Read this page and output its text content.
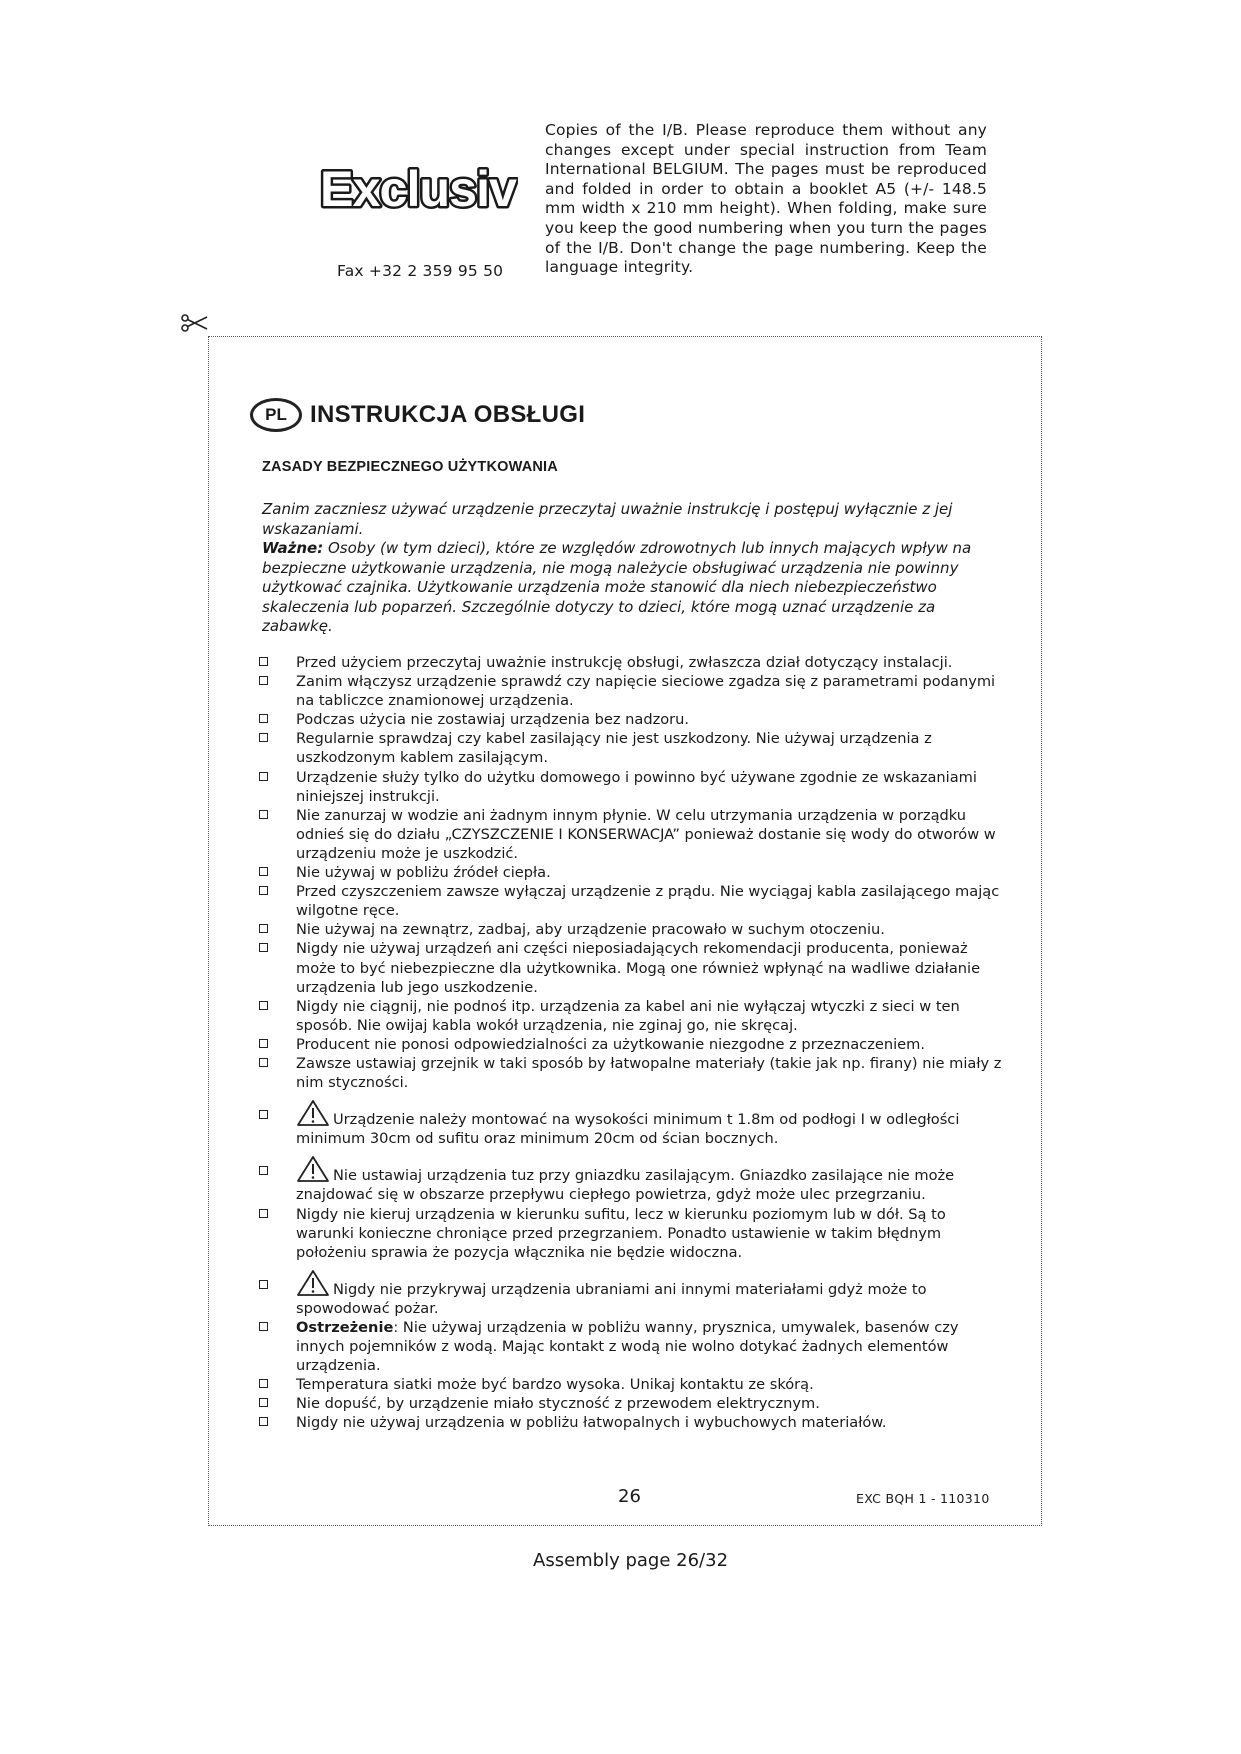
Exclusiv
Fax +32 2 359 95 50
Copies of the I/B. Please reproduce them without any changes except under special instruction from Team International BELGIUM. The pages must be reproduced and folded in order to obtain a booklet A5 (+/- 148.5 mm width x 210 mm height). When folding, make sure you keep the good numbering when you turn the pages of the I/B. Don't change the page numbering. Keep the language integrity.
PL INSTRUKCJA OBSŁUGI
ZASADY BEZPIECZNEGO UŻYTKOWANIA

Zanim zaczniesz używać urządzenie przeczytaj uważnie instrukcję i postępuj wyłącznie z jej wskazaniami.

Ważne: Osoby (w tym dzieci), które ze względów zdrowotnych lub innych mających wpływ na bezpieczne użytkowanie urządzenia, nie mogą należycie obsługiwać urządzenia nie powinny użytkować czajnika. Użytkowanie urządzenia może stanowić dla niech niebezpieczeństwo skaleczenia lub poparzeń. Szczególnie dotyczy to dzieci, które mogą uznać urządzenie za zabawkę.

Przed użyciem przeczytaj uważnie instrukcję obsługi, zwłaszcza dział dotyczący instalacji.
Zanim włączysz urządzenie sprawdź czy napięcie sieciowe zgadza się z parametrami podanymi na tabliczce znamionowej urządzenia.
Podczas użycia nie zostawiaj urządzenia bez nadzoru.
Regularnie sprawdzaj czy kabel zasilający nie jest uszkodzony. Nie używaj urządzenia z uszkodzonym kablem zasilającym.
Urządzenie służy tylko do użytku domowego i powinno być używane zgodnie ze wskazaniami niniejszej instrukcji.
Nie zanurzaj w wodzie ani żadnym innym płynie. W celu utrzymania urządzenia w porządku odnieś się do działu „CZYSZCZENIE I KONSERWACJA” ponieważ dostanie się wody do otworów w urządzeniu może je uszkodzić.
Nie używaj w pobliżu źródeł ciepła.
Przed czyszczeniem zawsze wyłączaj urządzenie z prądu. Nie wyciągaj kabla zasilającego mając wilgotne ręce.
Nie używaj na zewnątrz, zadbaj, aby urządzenie pracowało w suchym otoczeniu.
Nigdy nie używaj urządzeń ani części nieposiadających rekomendacji producenta, ponieważ może to być niebezpieczne dla użytkownika. Mogą one również wpłynąć na wadliwe działanie urządzenia lub jego uszkodzenie.
Nigdy nie ciągnij, nie podnoś itp. urządzenia za kabel ani nie wyłączaj wtyczki z sieci w ten sposób. Nie owijaj kabla wokół urządzenia, nie zginaj go, nie skręcaj.
Producent nie ponosi odpowiedzialności za użytkowanie niezgodne z przeznaczeniem.
Zawsze ustawiaj grzejnik w taki sposób by łatwopalne materiały (takie jak np. firany) nie miały z nim styczności.
Urządzenie należy montować na wysokości minimum t 1.8m od podłogi I w odległości minimum 30cm od sufitu oraz minimum 20cm od ścian bocznych.
Nie ustawiaj urządzenia tuz przy gniazdku zasilającym. Gniazdko zasilające nie może znajdować się w obszarze przepływu ciepłego powietrza, gdyż może ulec przegrzaniu.
Nigdy nie kieruj urządzenia w kierunku sufitu, lecz w kierunku poziomym lub w dół. Są to warunki konieczne chroniące przed przegrzaniem. Ponadto ustawienie w takim błędnym położeniu sprawia że pozycja włącznika nie będzie widoczna.
Nigdy nie przykrywaj urządzenia ubraniami ani innymi materiałami gdyż może to spowodować pożar.
Ostrzeżenie: Nie używaj urządzenia w pobliżu wanny, prysznica, umywalek, basenów czy innych pojemników z wodą. Mając kontakt z wodą nie wolno dotykać żadnych elementów urządzenia.
Temperatura siatki może być bardzo wysoka. Unikaj kontaktu ze skórą.
Nie dopuść, by urządzenie miało styczność z przewodem elektrycznym.
Nigdy nie używaj urządzenia w pobliżu łatwopalnych i wybuchowych materiałów.
26	EXC BQH 1 - 110310
Assembly page 26/32
